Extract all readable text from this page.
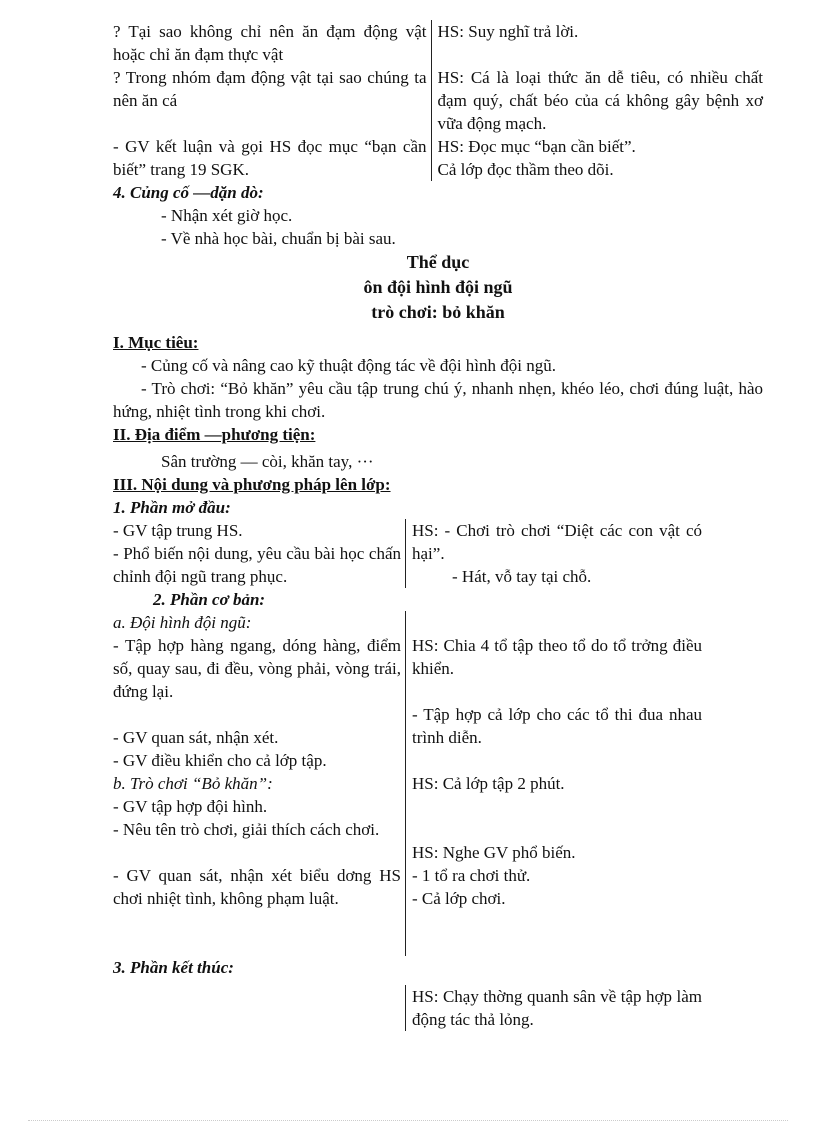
? Tại sao không chỉ nên ăn đạm động vật hoặc chỉ ăn đạm thực vật
? Trong nhóm đạm động vật tại sao chúng ta nên ăn cá
- GV kết luận và gọi HS đọc mục “bạn cần biết” trang 19 SGK.
HS: Suy nghĩ trả lời.
HS: Cá là loại thức ăn dễ tiêu, có nhiều chất đạm quý, chất béo của cá không gây bệnh xơ vữa động mạch.
HS: Đọc mục “bạn cần biết”.
Cả lớp đọc thầm theo dõi.
4. Củng cố —dặn dò:
- Nhận xét giờ học.
- Về nhà học bài, chuẩn bị bài sau.
Thể dục
ôn đội hình đội ngũ
trò chơi: bỏ khăn
I. Mục tiêu:
- Củng cố và nâng cao kỹ thuật động tác về đội hình đội ngũ.
- Trò chơi: “Bỏ khăn” yêu cầu tập trung chú ý, nhanh nhẹn, khéo léo, chơi đúng luật, hào hứng, nhiệt tình trong khi chơi.
II. Địa điểm —phương tiện:
Sân trường — còi, khăn tay, ···
III. Nội dung và phương pháp lên lớp:
1. Phần mở đầu:
- GV tập trung HS.
- Phổ biến nội dung, yêu cầu bài học chấn chỉnh đội ngũ trang phục.
HS: - Chơi trò chơi “Diệt các con vật có hại”.
- Hát, vỗ tay tại chỗ.
2. Phần cơ bản:
a. Đội hình đội ngũ:
- Tập hợp hàng ngang, dóng hàng, điểm số, quay sau, đi đều, vòng phải, vòng trái, đứng lại.
- GV quan sát, nhận xét.
- GV điều khiển cho cả lớp tập.
b. Trò chơi “Bỏ khăn”:
- GV tập hợp đội hình.
- Nêu tên trò chơi, giải thích cách chơi.
- GV quan sát, nhận xét biểu dơng HS chơi nhiệt tình, không phạm luật.
HS: Chia 4 tổ tập theo tổ do tổ trởng điều khiển.
- Tập hợp cả lớp cho các tổ thi đua nhau trình diễn.
HS: Cả lớp tập 2 phút.
HS: Nghe GV phổ biến.
- 1 tổ ra chơi thử.
- Cả lớp chơi.
3. Phần kết thúc:
HS: Chạy thờng quanh sân về tập hợp làm động tác thả lỏng.
